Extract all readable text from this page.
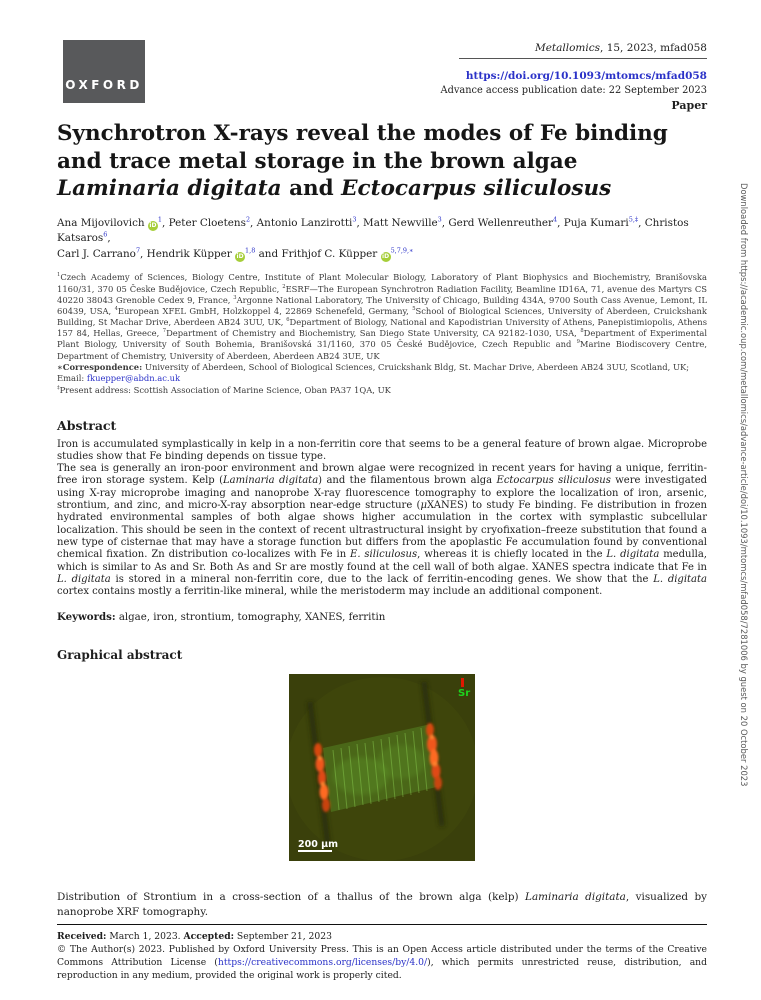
OXFORD
Metallomics, 15, 2023, mfad058
https://doi.org/10.1093/mtomcs/mfad058
Advance access publication date: 22 September 2023
Paper
Synchrotron X-rays reveal the modes of Fe binding and trace metal storage in the brown algae Laminaria digitata and Ectocarpus siliculosus
Ana Mijovilovich $iD^1$, Peter Cloetens$^2$, Antonio Lanzirotti$^3$, Matt Newville$^3$, Gerd Wellenreuther$^4$, Puja Kumari$^{5,\ddagger}$, Christos Katsaros$^6$,
Carl J. Carrano$^7$, Hendrik Küpper iD$^{1,8}$ and Frithjof C. Küpper $iD^{5,7,9,∗}$
$^1$Czech Academy of Sciences, Biology Centre, Institute of Plant Molecular Biology, Laboratory of Plant Biophysics and Biochemistry, Branišovska 1160/31, 370 05 Česke Budějovice, Czech Republic, $^2$ESRF—The European Synchrotron Radiation Facility, Beamline ID16A, 71, avenue des Martyrs CS 40220 38043 Grenoble Cedex 9, France, $^3$Argonne National Laboratory, The University of Chicago, Building 434A, 9700 South Cass Avenue, Lemont, IL 60439, USA, $^4$European XFEL GmbH, Holzkoppel 4, 22869 Schenefeld, Germany, $^5$School of Biological Sciences, University of Aberdeen, Cruickshank Building, St Machar Drive, Aberdeen AB24 3UU, UK, $^6$Department of Biology, National and Kapodistrian University of Athens, Panepistimiopolis, Athens 157 84, Hellas, Greece, $^7$Department of Chemistry and Biochemistry, San Diego State University, CA 92182-1030, USA, $^8$Department of Experimental Plant Biology, University of South Bohemia, Branišovská 31/1160, 370 05 České Budějovice, Czech Republic and $^9$Marine Biodiscovery Centre, Department of Chemistry, University of Aberdeen, Aberdeen AB24 3UE, UK
∗Correspondence: University of Aberdeen, School of Biological Sciences, Cruickshank Bldg, St. Machar Drive, Aberdeen AB24 3UU, Scotland, UK;
Email: fkuepper@abdn.ac.uk
‡Present address: Scottish Association of Marine Science, Oban PA37 1QA, UK
Abstract
Iron is accumulated symplastically in kelp in a non-ferritin core that seems to be a general feature of brown algae. Microprobe studies show that Fe binding depends on tissue type.
The sea is generally an iron-poor environment and brown algae were recognized in recent years for having a unique, ferritin-free iron storage system. Kelp (Laminaria digitata) and the filamentous brown alga Ectocarpus siliculosus were investigated using X-ray microprobe imaging and nanoprobe X-ray fluorescence tomography to explore the localization of iron, arsenic, strontium, and zinc, and micro-X-ray absorption near-edge structure (μXANES) to study Fe binding. Fe distribution in frozen hydrated environmental samples of both algae shows higher accumulation in the cortex with symplastic subcellular localization. This should be seen in the context of recent ultrastructural insight by cryofixation–freeze substitution that found a new type of cisternae that may have a storage function but differs from the apoplastic Fe accumulation found by conventional chemical fixation. Zn distribution co-localizes with Fe in E. siliculosus, whereas it is chiefly located in the L. digitata medulla, which is similar to As and Sr. Both As and Sr are mostly found at the cell wall of both algae. XANES spectra indicate that Fe in L. digitata is stored in a mineral non-ferritin core, due to the lack of ferritin-encoding genes. We show that the L. digitata cortex contains mostly a ferritin-like mineral, while the meristoderm may include an additional component.
Keywords: algae, iron, strontium, tomography, XANES, ferritin
Graphical abstract
Sr
200 μm
Distribution of Strontium in a cross-section of a thallus of the brown alga (kelp) Laminaria digitata, visualized by nanoprobe XRF tomography.
Received: March 1, 2023. Accepted: September 21, 2023
© The Author(s) 2023. Published by Oxford University Press. This is an Open Access article distributed under the terms of the Creative Commons Attribution License (https://creativecommons.org/licenses/by/4.0/), which permits unrestricted reuse, distribution, and reproduction in any medium, provided the original work is properly cited.
Downloaded from https://academic.oup.com/metallomics/advance-article/doi/10.1093/mtomcs/mfad058/7281006 by guest on 20 October 2023
